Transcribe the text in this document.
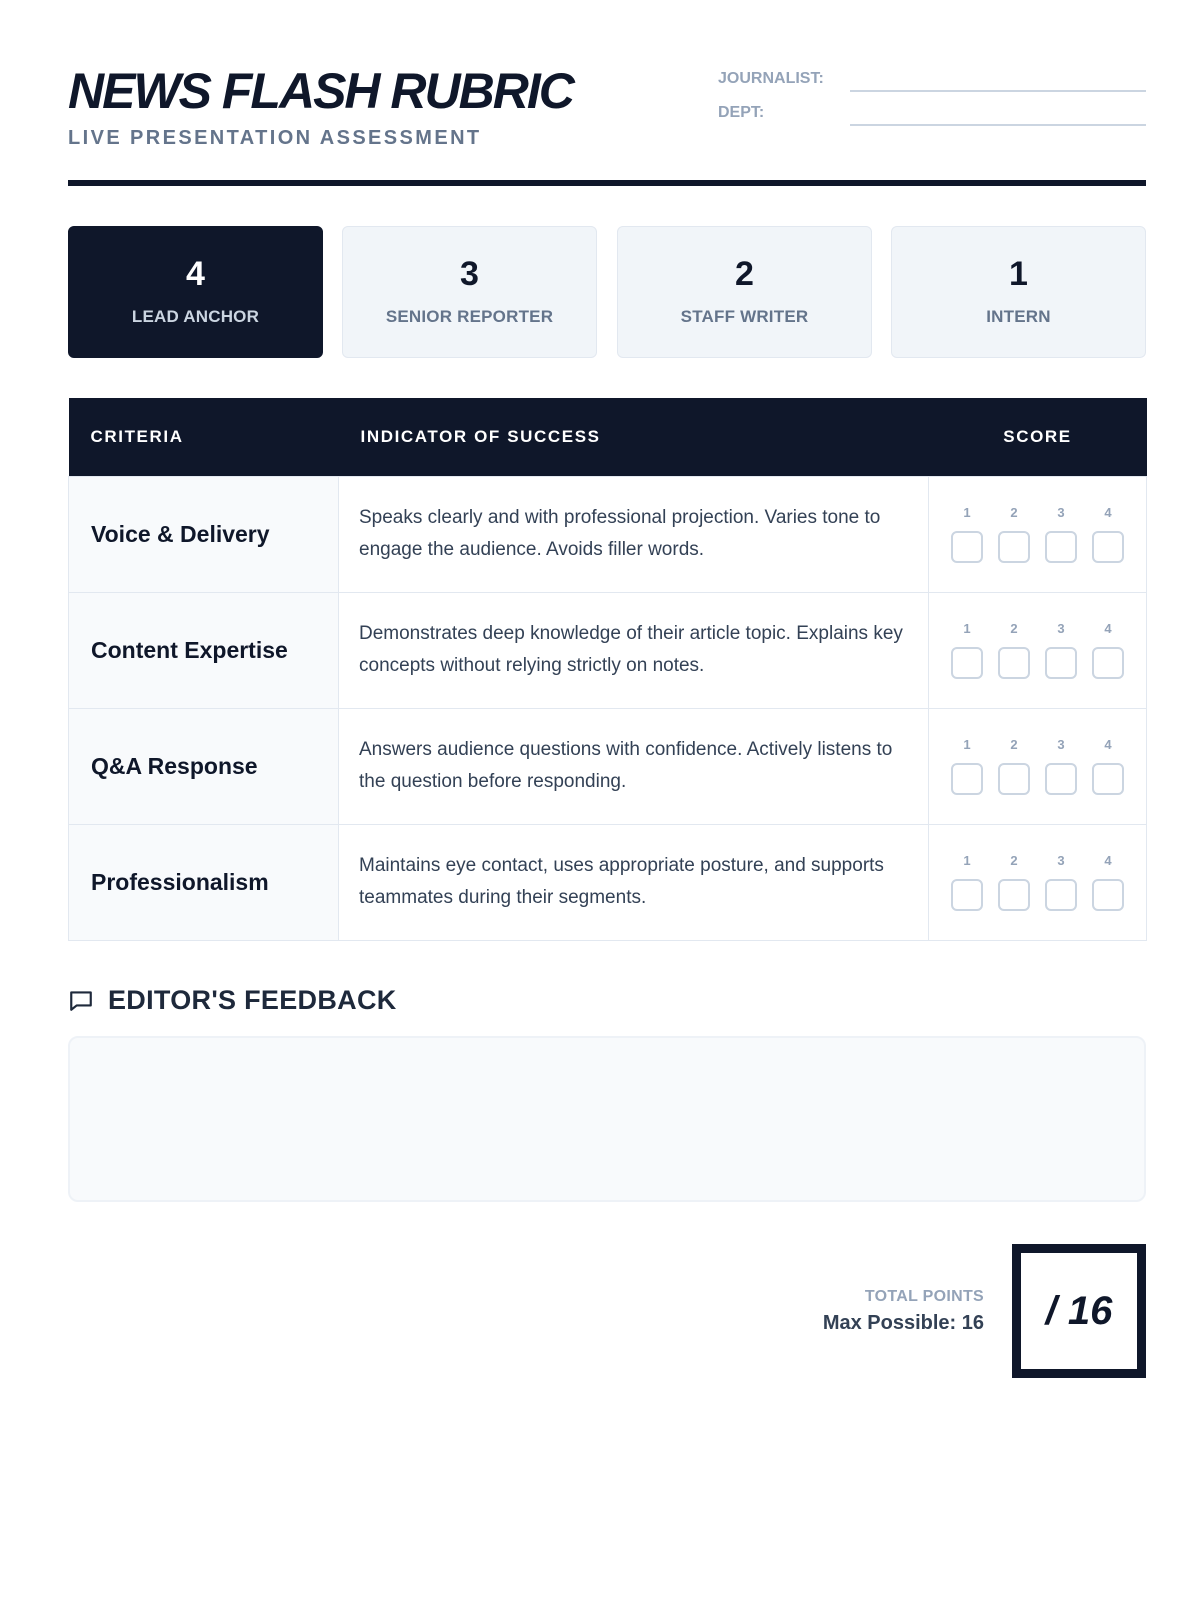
NEWS FLASH RUBRIC
LIVE PRESENTATION ASSESSMENT
JOURNALIST:
DEPT:
4
LEAD ANCHOR
3
SENIOR REPORTER
2
STAFF WRITER
1
INTERN
CRITERIA	INDICATOR OF SUCCESS	SCORE
Voice & Delivery	Speaks clearly and with professional projection. Varies tone to engage the audience. Avoids filler words.	1 2 3 4

Content Expertise	Demonstrates deep knowledge of their article topic. Explains key concepts without relying strictly on notes.	1 2 3 4

Q&A Response	Answers audience questions with confidence. Actively listens to the question before responding.	1 2 3 4

Professionalism	Maintains eye contact, uses appropriate posture, and supports teammates during their segments.	1 2 3 4
EDITOR'S FEEDBACK
TOTAL POINTS
Max Possible: 16 / 16
